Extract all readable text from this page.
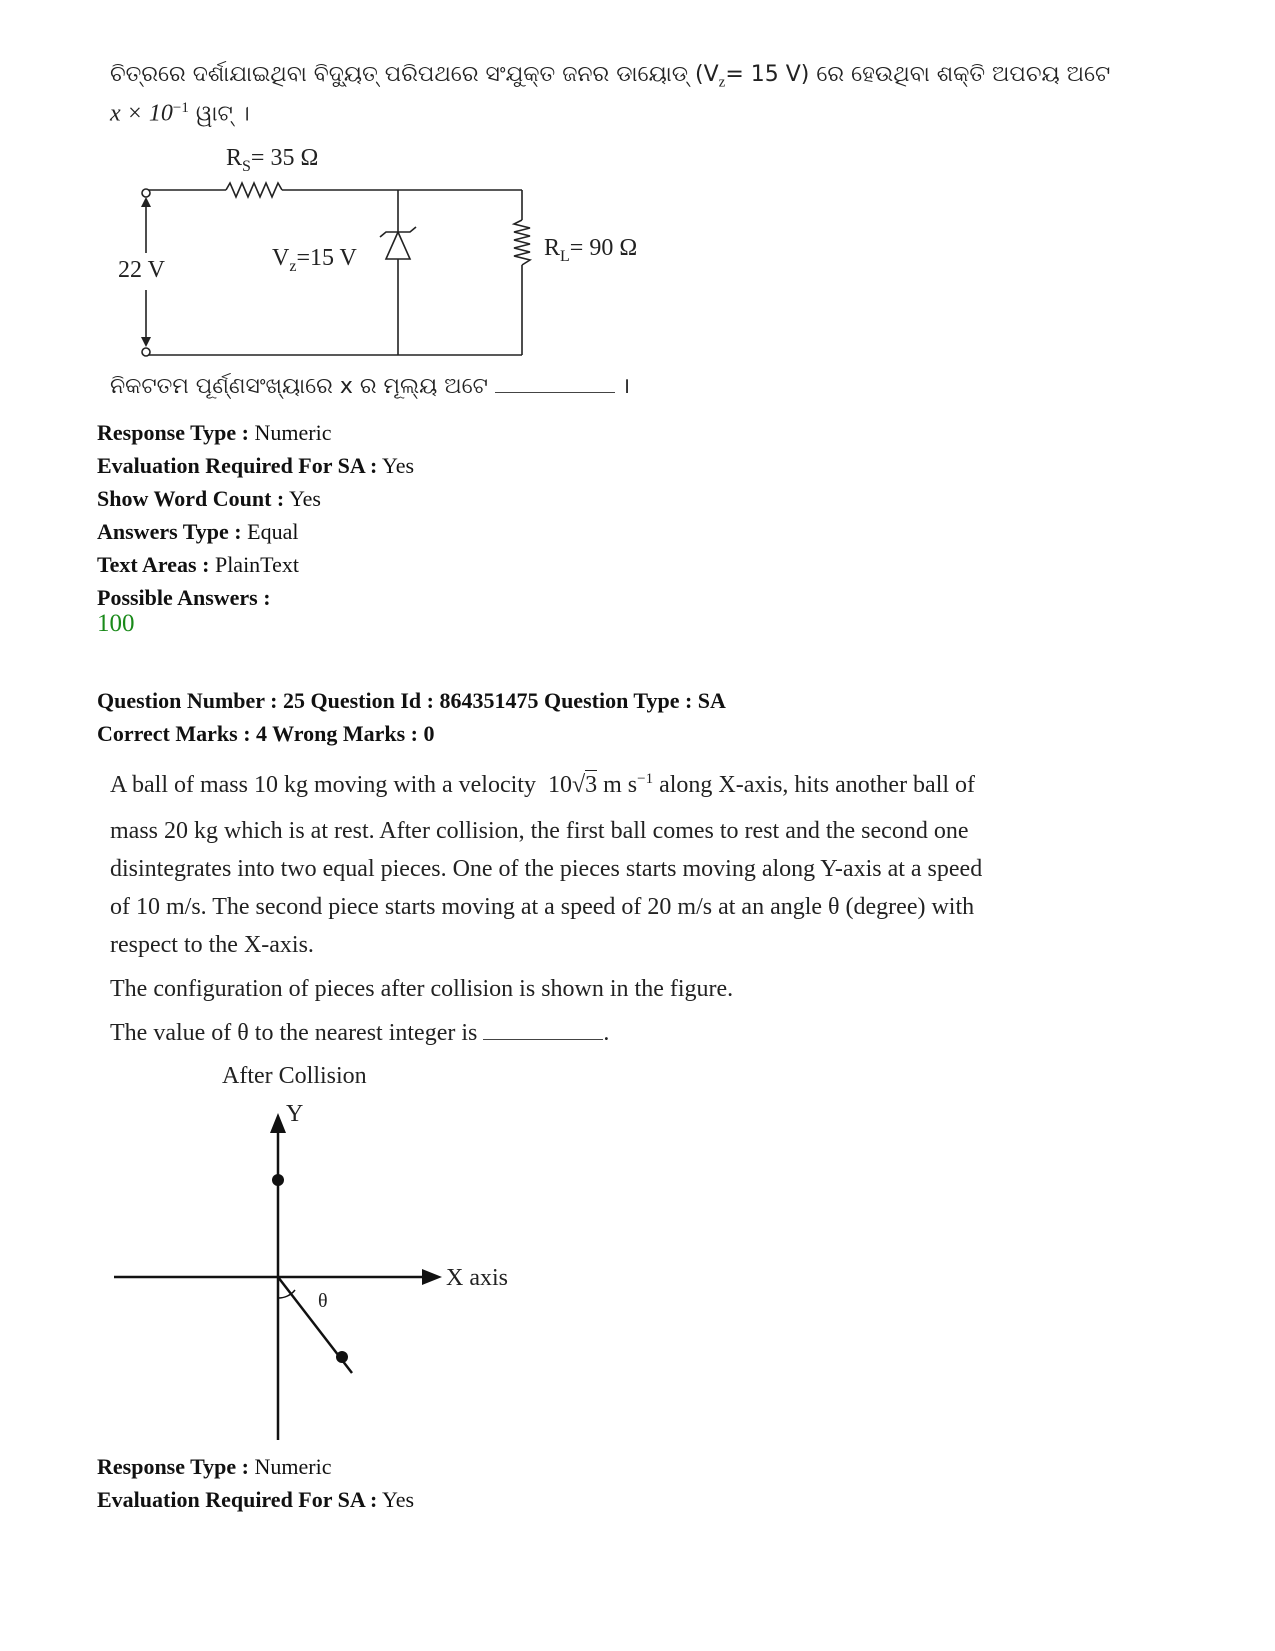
ଚିତ୍ରରେ ଦର୍ଶାଯାଇଥିବା ବିଦ୍ୟୁତ୍ ପରିପଥରେ ସଂଯୁକ୍ତ ଜନର ଡାୟୋଡ୍ ($V_z= 15$ V) ରେ ହେଉଥିବା ଶକ୍ତି ଅପଚୟ ଅଟେ
$x \times 10^{-1}$ ୱାଟ୍ ।
$R_S= 35$ Ω
22 V	$V_z=15$ V	$R_L= 90$ Ω
ନିକଟତମ ପୂର୍ଣ୍ଣସଂଖ୍ୟାରେ x ର ମୂଲ୍ୟ ଅଟେ	।
Response Type : Numeric
Evaluation Required For SA : Yes
Show Word Count : Yes
Answers Type : Equal
Text Areas : PlainText
Possible Answers :
100
Question Number : 25 Question Id : 864351475 Question Type : SA
Correct Marks : 4 Wrong Marks : 0
A ball of mass 10 kg moving with a velocity 10√3 m $s^{-1}$ along X-axis, hits another ball of
mass 20 kg which is at rest. After collision, the first ball comes to rest and the second one
disintegrates into two equal pieces. One of the pieces starts moving along Y-axis at a speed
of 10 m/s. The second piece starts moving at a speed of 20 m/s at an angle θ (degree) with
respect to the X-axis.
The configuration of pieces after collision is shown in the figure.
The value of θ to the nearest integer is	.
After Collision
Y
X axis
θ
Response Type : Numeric
Evaluation Required For SA : Yes
